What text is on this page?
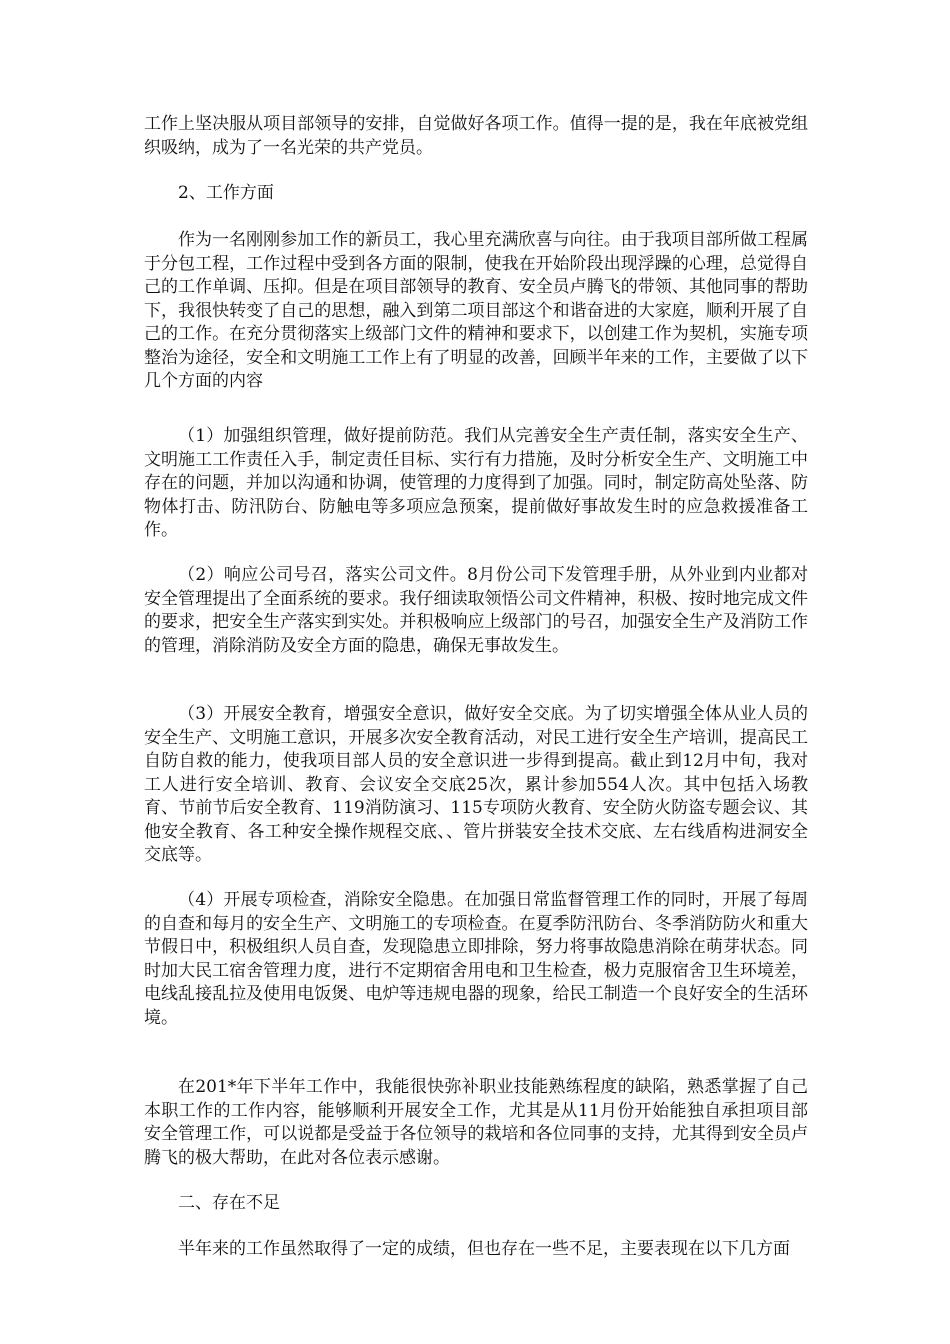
工作上坚决服从项目部领导的安排，自觉做好各项工作。值得一提的是，我在年底被党组织吸纳，成为了一名光荣的共产党员。

2、工作方面

作为一名刚刚参加工作的新员工，我心里充满欣喜与向往。由于我项目部所做工程属于分包工程，工作过程中受到各方面的限制，使我在开始阶段出现浮躁的心理，总觉得自己的工作单调、压抑。但是在项目部领导的教育、安全员卢腾飞的带领、其他同事的帮助下，我很快转变了自己的思想，融入到第二项目部这个和谐奋进的大家庭，顺利开展了自己的工作。在充分贯彻落实上级部门文件的精神和要求下，以创建工作为契机，实施专项整治为途径，安全和文明施工工作上有了明显的改善，回顾半年来的工作，主要做了以下几个方面的内容

（1）加强组织管理，做好提前防范。我们从完善安全生产责任制，落实安全生产、文明施工工作责任入手，制定责任目标、实行有力措施，及时分析安全生产、文明施工中存在的问题，并加以沟通和协调，使管理的力度得到了加强。同时，制定防高处坠落、防物体打击、防汛防台、防触电等多项应急预案，提前做好事故发生时的应急救援准备工作。

（2）响应公司号召，落实公司文件。8月份公司下发管理手册，从外业到内业都对安全管理提出了全面系统的要求。我仔细读取领悟公司文件精神，积极、按时地完成文件的要求，把安全生产落实到实处。并积极响应上级部门的号召，加强安全生产及消防工作的管理，消除消防及安全方面的隐患，确保无事故发生。

（3）开展安全教育，增强安全意识，做好安全交底。为了切实增强全体从业人员的安全生产、文明施工意识，开展多次安全教育活动，对民工进行安全生产培训，提高民工自防自救的能力，使我项目部人员的安全意识进一步得到提高。截止到12月中旬，我对工人进行安全培训、教育、会议安全交底25次，累计参加554人次。其中包括入场教育、节前节后安全教育、119消防演习、115专项防火教育、安全防火防盗专题会议、其他安全教育、各工种安全操作规程交底、、管片拼装安全技术交底、左右线盾构进洞安全交底等。

（4）开展专项检查，消除安全隐患。在加强日常监督管理工作的同时，开展了每周的自查和每月的安全生产、文明施工的专项检查。在夏季防汛防台、冬季消防防火和重大节假日中，积极组织人员自查，发现隐患立即排除，努力将事故隐患消除在萌芽状态。同时加大民工宿舍管理力度，进行不定期宿舍用电和卫生检查，极力克服宿舍卫生环境差，电线乱接乱拉及使用电饭煲、电炉等违规电器的现象，给民工制造一个良好安全的生活环境。

在201*年下半年工作中，我能很快弥补职业技能熟练程度的缺陷，熟悉掌握了自己本职工作的工作内容，能够顺利开展安全工作，尤其是从11月份开始能独自承担项目部安全管理工作，可以说都是受益于各位领导的栽培和各位同事的支持，尤其得到安全员卢腾飞的极大帮助，在此对各位表示感谢。

二、存在不足

半年来的工作虽然取得了一定的成绩，但也存在一些不足，主要表现在以下几方面
